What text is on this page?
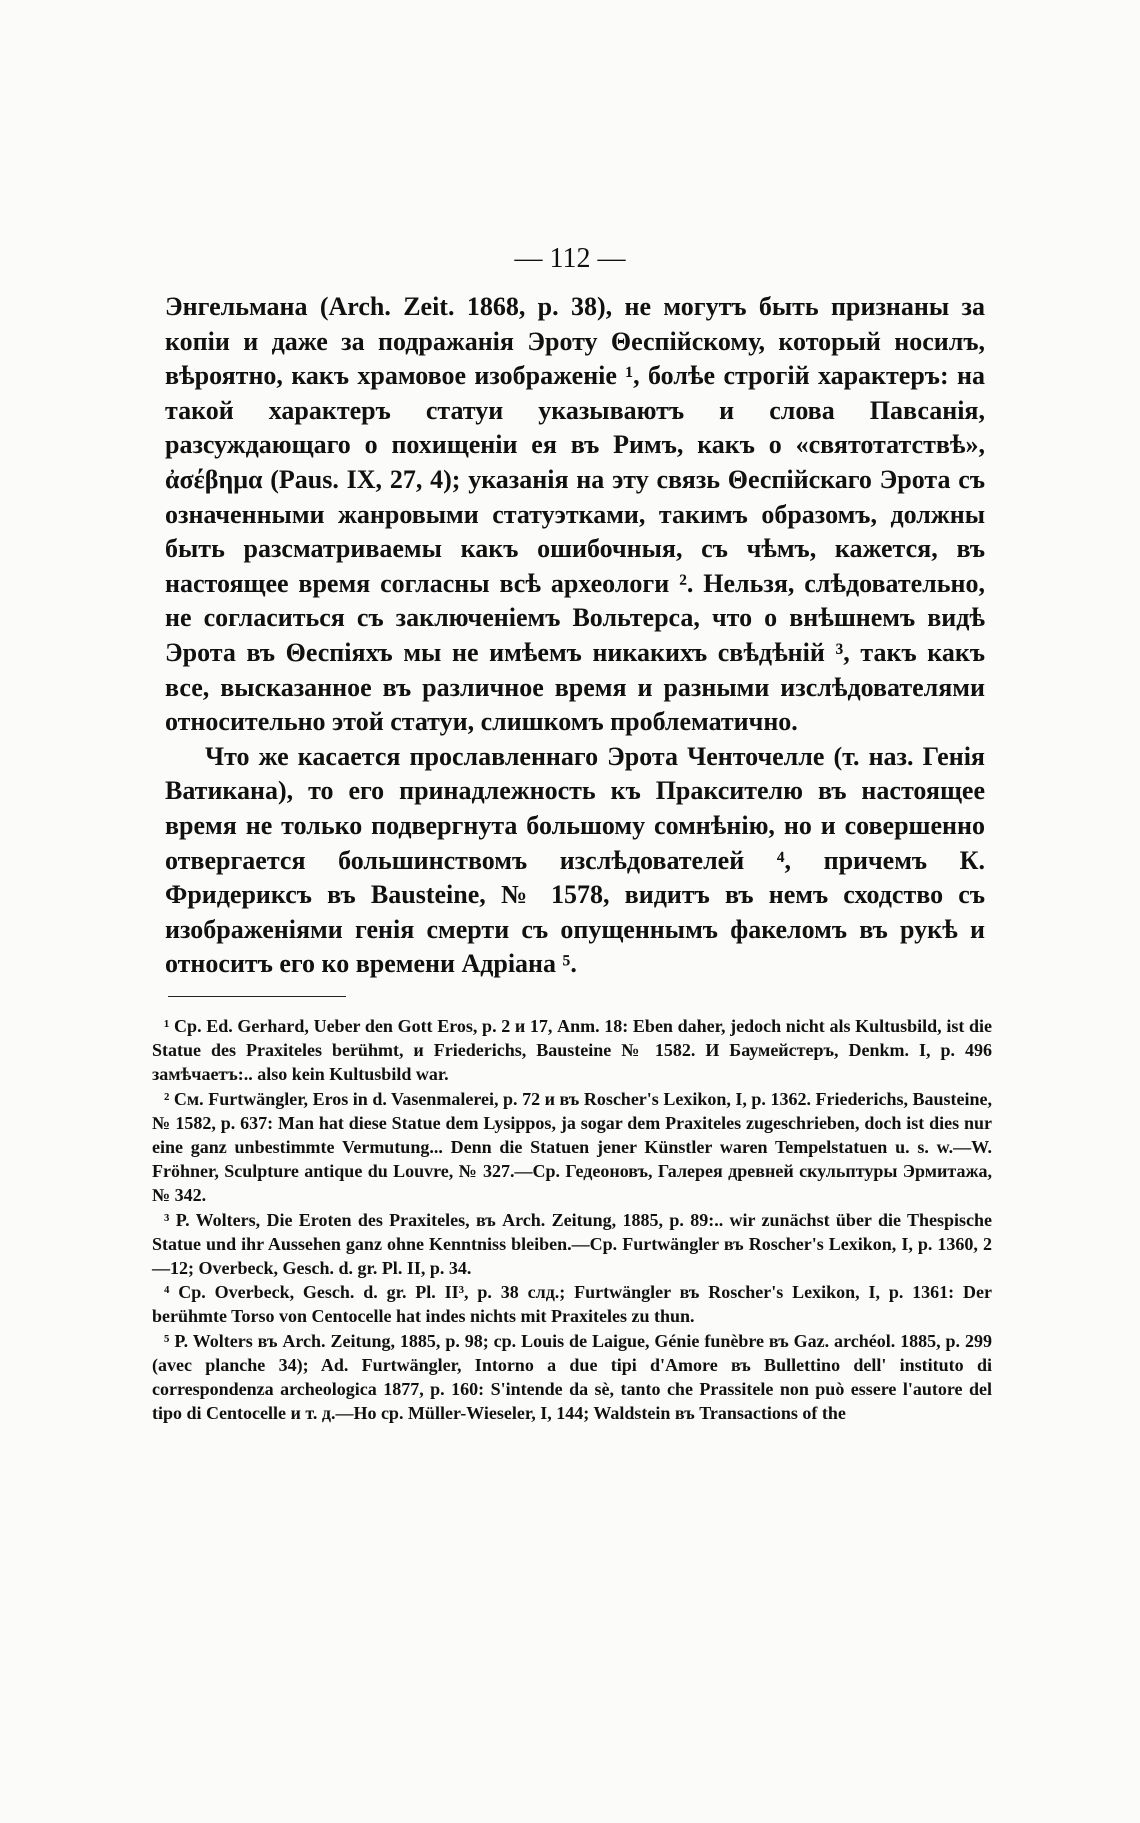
— 112 —

Энгельмана (Arch. Zeit. 1868, p. 38), не могутъ быть признаны за копіи и даже за подражанія Эроту Θеспійскому, который носилъ, вѣроятно, какъ храмовое изображеніе ¹, болѣе строгій характеръ: на такой характеръ статуи указываютъ и слова Павсанія, разсуждающаго о похищеніи ея въ Римъ, какъ о «святотатствѣ», ἀσέβημα (Paus. IX, 27, 4); указанія на эту связь Θеспійскаго Эрота съ означенными жанровыми статуэтками, такимъ образомъ, должны быть разсматриваемы какъ ошибочныя, съ чѣмъ, кажется, въ настоящее время согласны всѣ археологи ². Нельзя, слѣдовательно, не согласиться съ заключеніемъ Вольтерса, что о внѣшнемъ видѣ Эрота въ Θеспіяхъ мы не имѣемъ никакихъ свѣдѣній ³, такъ какъ все, высказанное въ различное время и разными изслѣдователями относительно этой статуи, слишкомъ проблематично.

Что же касается прославленнаго Эрота Ченточелле (т. наз. Генія Ватикана), то его принадлежность къ Праксителю въ настоящее время не только подвергнута большому сомнѣнію, но и совершенно отвергается большинствомъ изслѣдователей ⁴, причемъ К. Фридериксъ въ Bausteine, № 1578, видитъ въ немъ сходство съ изображеніями генія смерти съ опущеннымъ факеломъ въ рукѣ и относитъ его ко времени Адріана ⁵.

¹ Cp. Ed. Gerhard, Ueber den Gott Eros, p. 2 и 17, Anm. 18: Eben daher, jedoch nicht als Kultusbild, ist die Statue des Praxiteles berühmt, и Friederichs, Bausteine № 1582. И Баумейстеръ, Denkm. I, p. 496 замѣчаетъ:.. also kein Kultusbild war.

² См. Furtwängler, Eros in d. Vasenmalerei, p. 72 и въ Roscher's Lexikon, I, p. 1362. Friederichs, Bausteine, № 1582, p. 637: Man hat diese Statue dem Lysippos, ja sogar dem Praxiteles zugeschrieben, doch ist dies nur eine ganz unbestimmte Vermutung... Denn die Statuen jener Künstler waren Tempelstatuen u. s. w.—W. Fröhner, Sculpture antique du Louvre, № 327.—Ср. Гедеоновъ, Галерея древней скульптуры Эрмитажа, № 342.

³ P. Wolters, Die Eroten des Praxiteles, въ Arch. Zeitung, 1885, p. 89:.. wir zunächst über die Thespische Statue und ihr Aussehen ganz ohne Kenntniss bleiben.—Cp. Furtwängler въ Roscher's Lexikon, I, p. 1360, 2—12; Overbeck, Gesch. d. gr. Pl. II, p. 34.

⁴ Cp. Overbeck, Gesch. d. gr. Pl. II³, p. 38 слд.; Furtwängler въ Roscher's Lexikon, I, p. 1361: Der berühmte Torso von Centocelle hat indes nichts mit Praxiteles zu thun.

⁵ P. Wolters въ Arch. Zeitung, 1885, p. 98; cp. Louis de Laigue, Génie funèbre въ Gaz. archéol. 1885, p. 299 (avec planche 34); Ad. Furtwängler, Intorno a due tipi d'Amore въ Bullettino dell' instituto di correspondenza archeologica 1877, p. 160: S'intende da sè, tanto che Prassitele non può essere l'autore del tipo di Centocelle и т. д.—Но ср. Müller-Wieseler, I, 144; Waldstein въ Transactions of the
